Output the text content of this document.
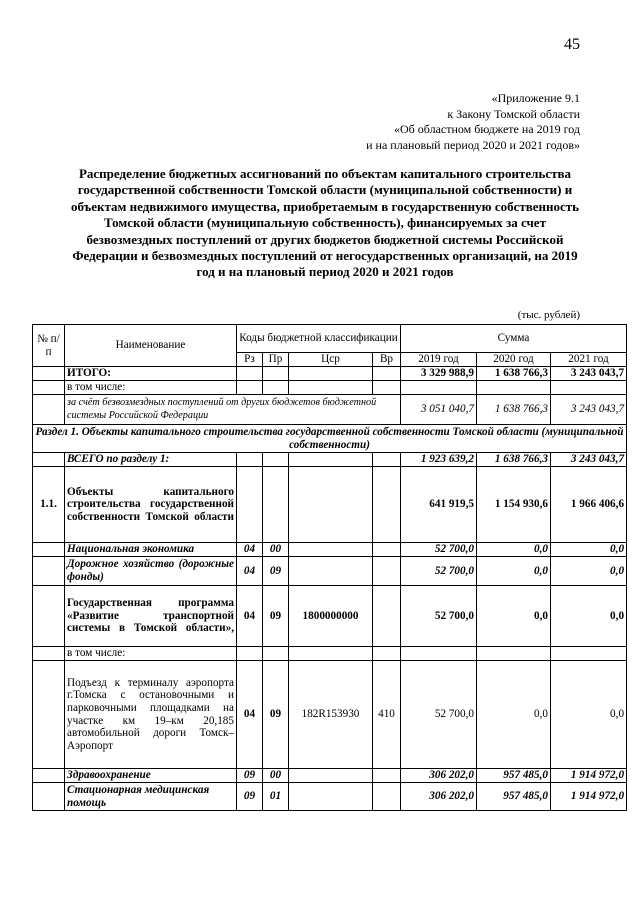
45
«Приложение 9.1
к Закону Томской области
«Об областном бюджете на 2019 год
и на плановый период 2020 и 2021 годов»
Распределение бюджетных ассигнований по объектам капитального строительства государственной собственности Томской области (муниципальной собственности) и объектам недвижимого имущества, приобретаемым в государственную собственность Томской области (муниципальную собственность), финансируемых за счет безвозмездных поступлений от других бюджетов бюджетной системы Российской Федерации и безвозмездных поступлений от негосударственных организаций, на 2019 год и на плановый период 2020 и 2021 годов
(тыс. рублей)
№ п/п	Наименование	Коды бюджетной классификации				Сумма		
		Рз	Пр	Цср	Вр	2019 год	2020 год	2021 год
	ИТОГО:					3 329 988,9	1 638 766,3	3 243 043,7
	в том числе:							
	за счёт безвозмездных поступлений от других бюджетов бюджетной системы Российской Федерации					3 051 040,7	1 638 766,3	3 243 043,7
Раздел 1. Объекты капитального строительства государственной собственности Томской области (муниципальной собственности)								
	ВСЕГО по разделу 1:					1 923 639,2	1 638 766,3	3 243 043,7
1.1.	Объекты капитального строительства государственной собственности Томской области					641 919,5	1 154 930,6	1 966 406,6
	Национальная экономика	04	00			52 700,0	0,0	0,0
	Дорожное хозяйство (дорожные фонды)	04	09			52 700,0	0,0	0,0
	Государственная программа «Развитие транспортной системы в Томской области»,	04	09	1800000000		52 700,0	0,0	0,0
	в том числе:							
	Подъезд к терминалу аэропорта г.Томска с остановочными и парковочными площадками на участке км 19–км 20,185 автомобильной дороги Томск–Аэропорт	04	09	182R153930	410	52 700,0	0,0	0,0
	Здравоохранение	09	00			306 202,0	957 485,0	1 914 972,0
	Стационарная медицинская помощь	09	01			306 202,0	957 485,0	1 914 972,0
